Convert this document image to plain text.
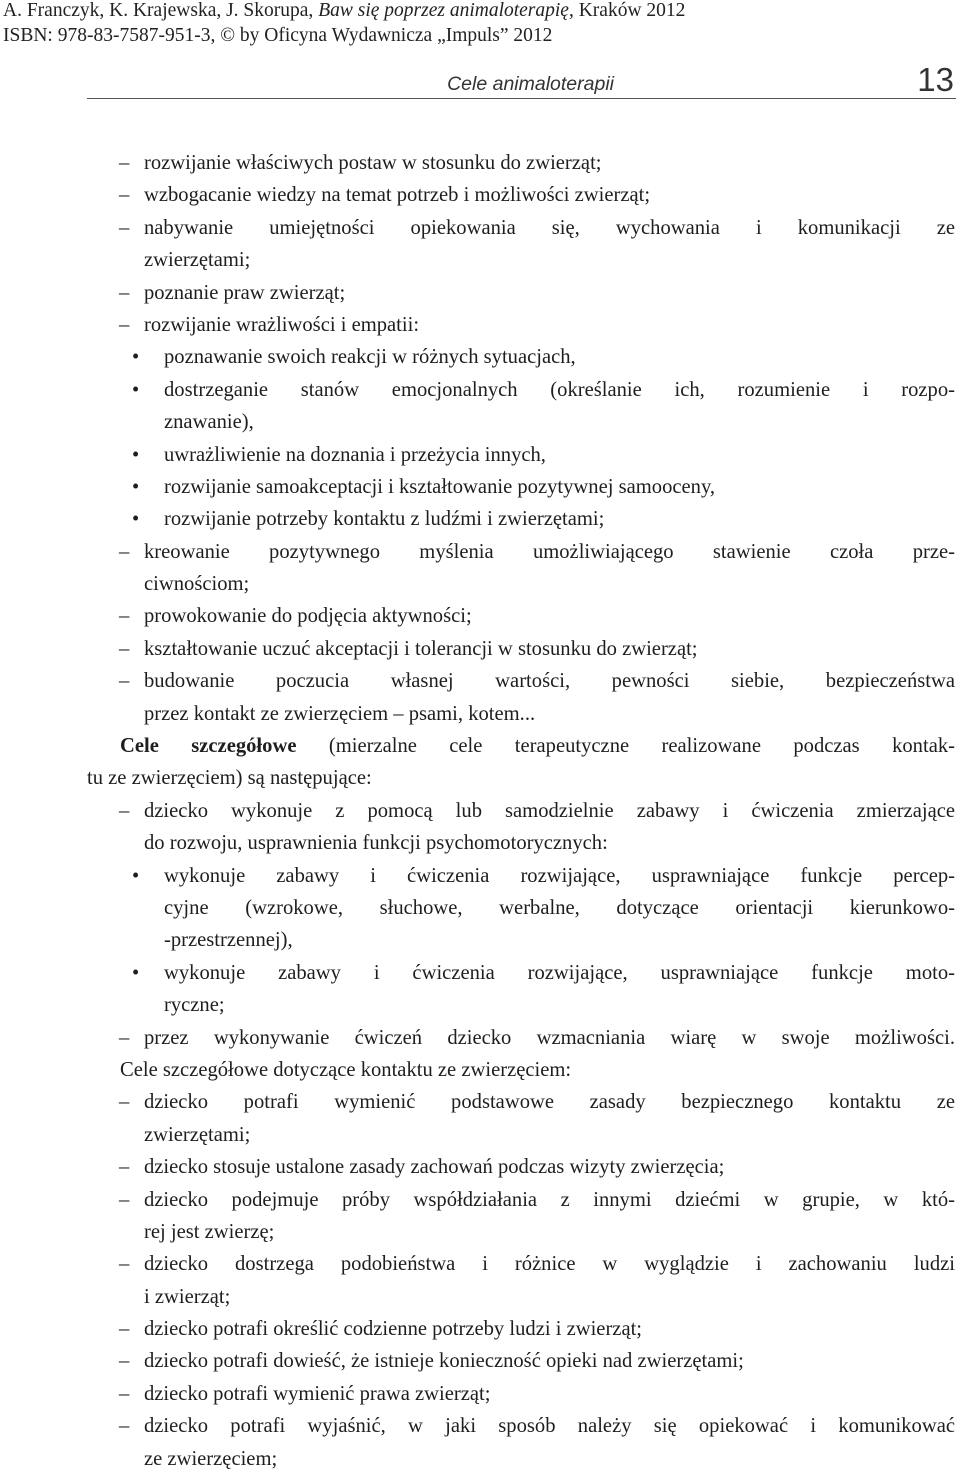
A. Franczyk, K. Krajewska, J. Skorupa, Baw się poprzez animaloterapię, Kraków 2012
ISBN: 978-83-7587-951-3, © by Oficyna Wydawnicza „Impuls” 2012
Cele animaloterapii	13
– rozwijanie właściwych postaw w stosunku do zwierząt;
– wzbogacanie wiedzy na temat potrzeb i możliwości zwierząt;
– nabywanie umiejętności opiekowania się, wychowania i komunikacji ze
zwierzętami;
– poznanie praw zwierząt;
– rozwijanie wrażliwości i empatii:
• poznawanie swoich reakcji w różnych sytuacjach,
• dostrzeganie stanów emocjonalnych (określanie ich, rozumienie i rozpo-
znawanie),
• uwrażliwienie na doznania i przeżycia innych,
• rozwijanie samoakceptacji i kształtowanie pozytywnej samooceny,
• rozwijanie potrzeby kontaktu z ludźmi i zwierzętami;
– kreowanie pozytywnego myślenia umożliwiającego stawienie czoła prze-
ciwnościom;
– prowokowanie do podjęcia aktywności;
– kształtowanie uczuć akceptacji i tolerancji w stosunku do zwierząt;
– budowanie poczucia własnej wartości, pewności siebie, bezpieczeństwa
przez kontakt ze zwierzęciem – psami, kotem...
Cele szczegółowe (mierzalne cele terapeutyczne realizowane podczas kontak-
tu ze zwierzęciem) są następujące:
– dziecko wykonuje z pomocą lub samodzielnie zabawy i ćwiczenia zmierzające
do rozwoju, usprawnienia funkcji psychomotorycznych:
• wykonuje zabawy i ćwiczenia rozwijające, usprawniające funkcje percep-
cyjne (wzrokowe, słuchowe, werbalne, dotyczące orientacji kierunkowo-
-przestrzennej),
• wykonuje zabawy i ćwiczenia rozwijające, usprawniające funkcje moto-
ryczne;
– przez wykonywanie ćwiczeń dziecko wzmacniania wiarę w swoje możliwości.
Cele szczegółowe dotyczące kontaktu ze zwierzęciem:
– dziecko potrafi wymienić podstawowe zasady bezpiecznego kontaktu ze
zwierzętami;
– dziecko stosuje ustalone zasady zachowań podczas wizyty zwierzęcia;
– dziecko podejmuje próby współdziałania z innymi dziećmi w grupie, w któ-
rej jest zwierzę;
– dziecko dostrzega podobieństwa i różnice w wyglądzie i zachowaniu ludzi
i zwierząt;
– dziecko potrafi określić codzienne potrzeby ludzi i zwierząt;
– dziecko potrafi dowieść, że istnieje konieczność opieki nad zwierzętami;
– dziecko potrafi wymienić prawa zwierząt;
– dziecko potrafi wyjaśnić, w jaki sposób należy się opiekować i komunikować
ze zwierzęciem;
